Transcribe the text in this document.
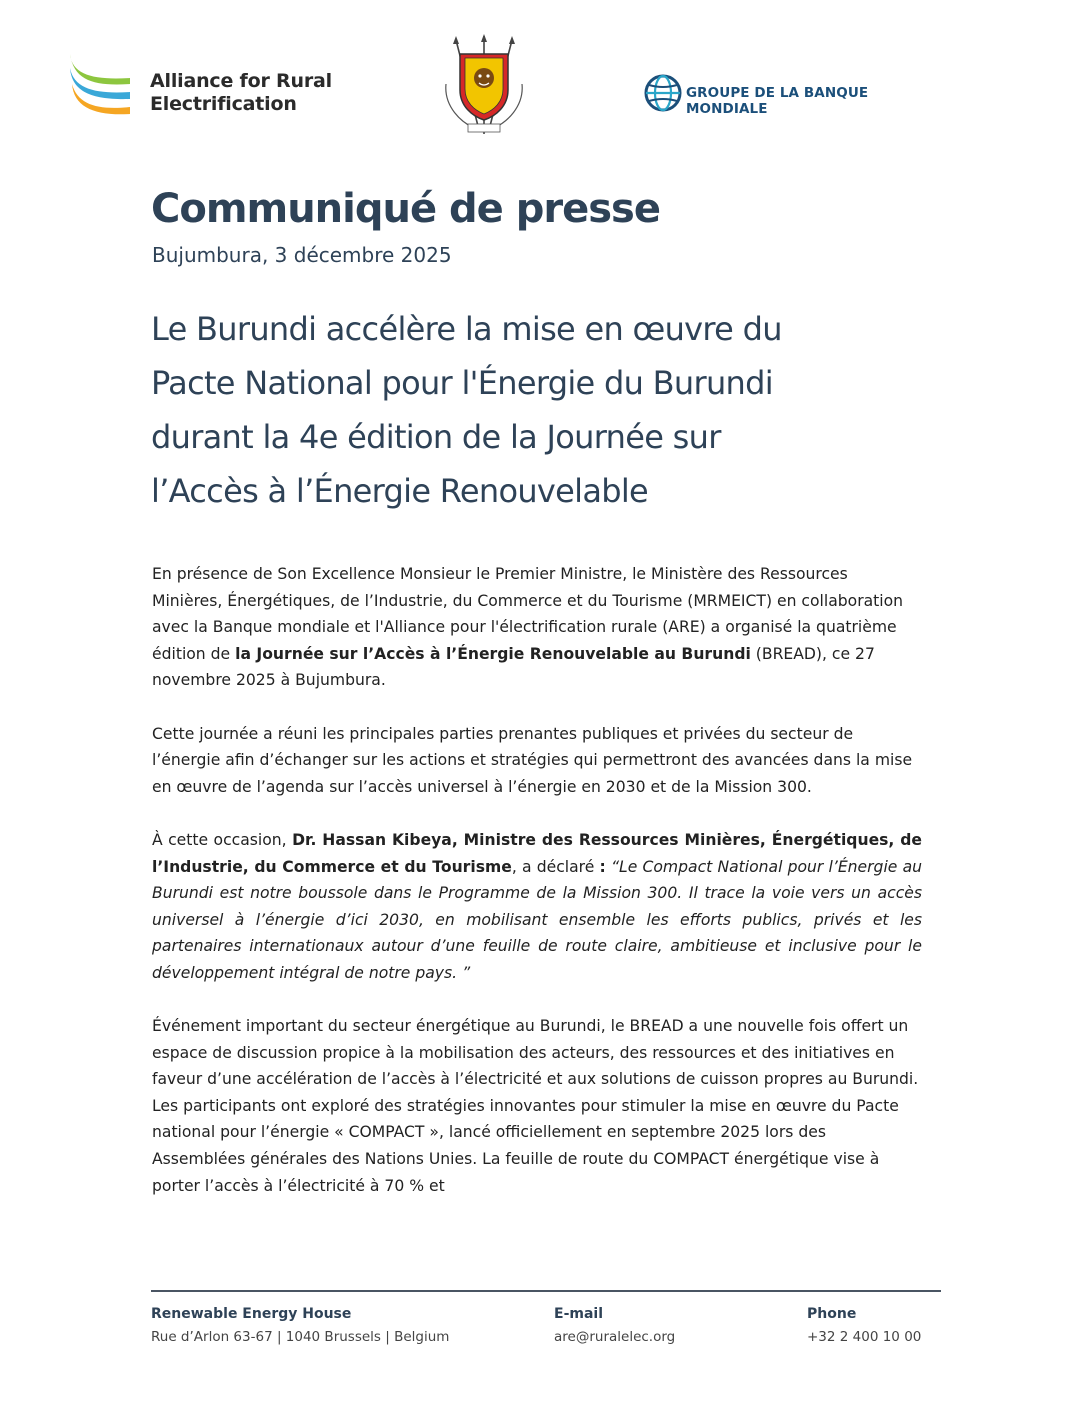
Alliance for Rural
Electrification	GROUPE DE LA BANQUE MONDIALE
Communiqué de presse
Bujumbura, 3 décembre 2025
Le Burundi accélère la mise en œuvre du
Pacte National pour l'Énergie du Burundi
durant la 4e édition de la Journée sur
l’Accès à l’Énergie Renouvelable

En présence de Son Excellence Monsieur le Premier Ministre, le Ministère des Ressources Minières, Énergétiques, de l’Industrie, du Commerce et du Tourisme (MRMEICT) en collaboration avec la Banque mondiale et l'Alliance pour l'électrification rurale (ARE) a organisé la quatrième édition de la Journée sur l’Accès à l’Énergie Renouvelable au Burundi (BREAD), ce 27 novembre 2025 à Bujumbura.

Cette journée a réuni les principales parties prenantes publiques et privées du secteur de l’énergie afin d’échanger sur les actions et stratégies qui permettront des avancées dans la mise en œuvre de l’agenda sur l’accès universel à l’énergie en 2030 et de la Mission 300.

À cette occasion, Dr. Hassan Kibeya, Ministre des Ressources Minières, Énergétiques, de l’Industrie, du Commerce et du Tourisme, a déclaré : “Le Compact National pour l’Énergie au Burundi est notre boussole dans le Programme de la Mission 300. Il trace la voie vers un accès universel à l’énergie d’ici 2030, en mobilisant ensemble les efforts publics, privés et les partenaires internationaux autour d’une feuille de route claire, ambitieuse et inclusive pour le développement intégral de notre pays. ”

Événement important du secteur énergétique au Burundi, le BREAD a une nouvelle fois offert un espace de discussion propice à la mobilisation des acteurs, des ressources et des initiatives en faveur d’une accélération de l’accès à l’électricité et aux solutions de cuisson propres au Burundi. Les participants ont exploré des stratégies innovantes pour stimuler la mise en œuvre du Pacte national pour l’énergie « COMPACT », lancé officiellement en septembre 2025 lors des Assemblées générales des Nations Unies. La feuille de route du COMPACT énergétique vise à porter l’accès à l’électricité à 70 % et

Renewable Energy House
Rue d’Arlon 63-67 | 1040 Brussels | Belgium
E-mail
are@ruralelec.org
Phone
+32 2 400 10 00
